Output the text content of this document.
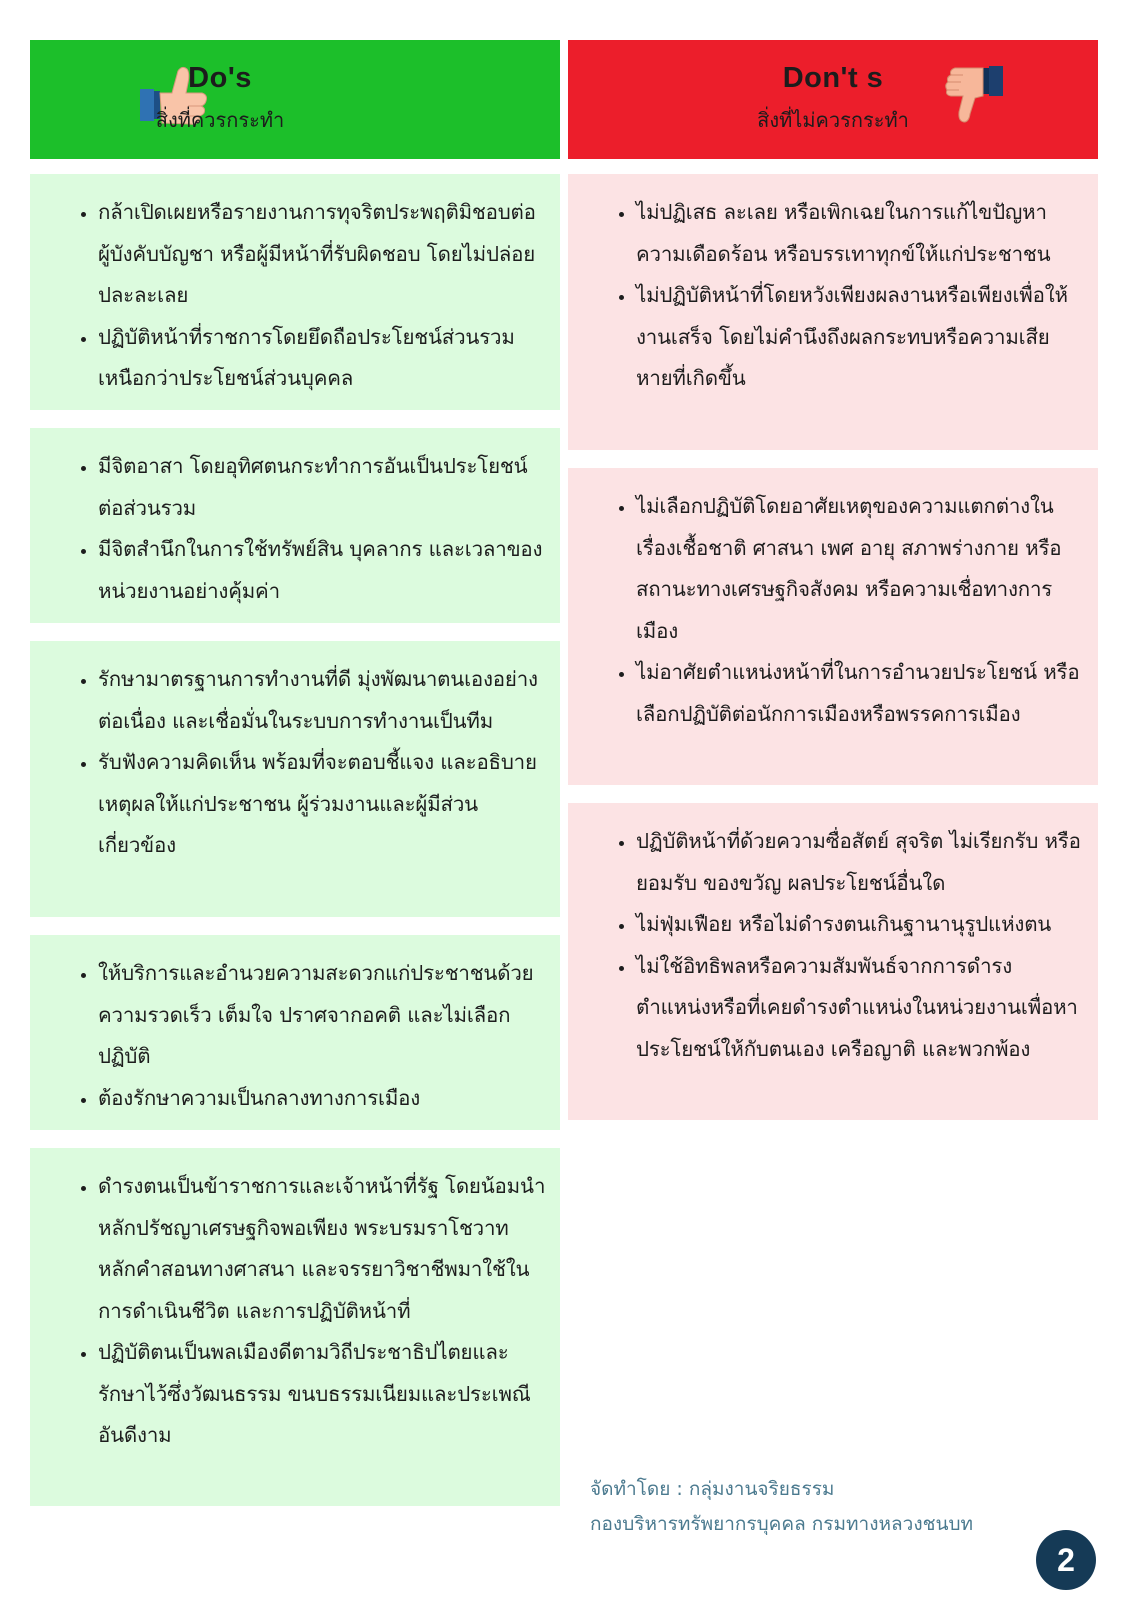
Do's
สิ่งที่ควรกระทำ
Don't s
สิ่งที่ไม่ควรกระทำ
• กล้าเปิดเผยหรือรายงานการทุจริตประพฤติมิชอบต่อผู้บังคับบัญชา หรือผู้มีหน้าที่รับผิดชอบ โดยไม่ปล่อยปละละเลย
• ปฏิบัติหน้าที่ราชการโดยยึดถือประโยชน์ส่วนรวมเหนือกว่าประโยชน์ส่วนบุคคล
• มีจิตอาสา โดยอุทิศตนกระทำการอันเป็นประโยชน์ต่อส่วนรวม
• มีจิตสำนึกในการใช้ทรัพย์สิน บุคลากร และเวลาของหน่วยงานอย่างคุ้มค่า
• รักษามาตรฐานการทำงานที่ดี มุ่งพัฒนาตนเองอย่างต่อเนื่อง และเชื่อมั่นในระบบการทำงานเป็นทีม
• รับฟังความคิดเห็น พร้อมที่จะตอบชี้แจง และอธิบายเหตุผลให้แก่ประชาชน ผู้ร่วมงานและผู้มีส่วนเกี่ยวข้อง
• ให้บริการและอำนวยความสะดวกแก่ประชาชนด้วยความรวดเร็ว เต็มใจ ปราศจากอคติ และไม่เลือกปฏิบัติ
• ต้องรักษาความเป็นกลางทางการเมือง
• ดำรงตนเป็นข้าราชการและเจ้าหน้าที่รัฐ โดยน้อมนำหลักปรัชญาเศรษฐกิจพอเพียง พระบรมราโชวาท หลักคำสอนทางศาสนา และจรรยาวิชาชีพมาใช้ในการดำเนินชีวิต และการปฏิบัติหน้าที่
• ปฏิบัติตนเป็นพลเมืองดีตามวิถีประชาธิปไตยและรักษาไว้ซึ่งวัฒนธรรม ขนบธรรมเนียมและประเพณีอันดีงาม
• ไม่ปฏิเสธ ละเลย หรือเพิกเฉยในการแก้ไขปัญหาความเดือดร้อน หรือบรรเทาทุกข์ให้แก่ประชาชน
• ไม่ปฏิบัติหน้าที่โดยหวังเพียงผลงานหรือเพียงเพื่อให้งานเสร็จ โดยไม่คำนึงถึงผลกระทบหรือความเสียหายที่เกิดขึ้น
• ไม่เลือกปฏิบัติโดยอาศัยเหตุของความแตกต่างในเรื่องเชื้อชาติ ศาสนา เพศ อายุ สภาพร่างกาย หรือสถานะทางเศรษฐกิจสังคม หรือความเชื่อทางการเมือง
• ไม่อาศัยตำแหน่งหน้าที่ในการอำนวยประโยชน์ หรือเลือกปฏิบัติต่อนักการเมืองหรือพรรคการเมือง
• ปฏิบัติหน้าที่ด้วยความซื่อสัตย์ สุจริต ไม่เรียกรับ หรือยอมรับ ของขวัญ ผลประโยชน์อื่นใด
• ไม่ฟุ่มเฟือย หรือไม่ดำรงตนเกินฐานานุรูปแห่งตน
• ไม่ใช้อิทธิพลหรือความสัมพันธ์จากการดำรงตำแหน่งหรือที่เคยดำรงตำแหน่งในหน่วยงานเพื่อหาประโยชน์ให้กับตนเอง เครือญาติ และพวกพ้อง
จัดทำโดย : กลุ่มงานจริยธรรม
กองบริหารทรัพยากรบุคคล กรมทางหลวงชนบท
2
